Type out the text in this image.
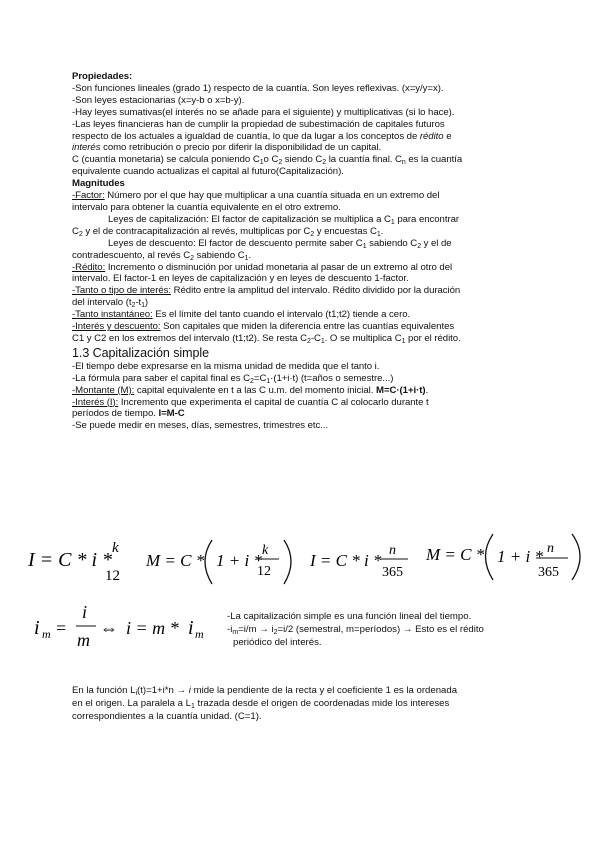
Propiedades:
-Son funciones lineales (grado 1) respecto de la cuantía. Son leyes reflexivas. (x=y/y=x).
-Son leyes estacionarias (x=y-b o x=b-y).
-Hay leyes sumativas(el interés no se añade para el siguiente) y multiplicativas (si lo hace).
-Las leyes financieras han de cumplir la propiedad de subestimación de capitales futuros
respecto de los actuales a igualdad de cuantía, lo que da lugar a los conceptos de rédito e
interés como retribución o precio por diferir la disponibilidad de un capital.
C (cuantía monetaria) se calcula poniendo $C_1o$ $C_2$ siendo $C_2$ la cuantía final. $C_n$ es la cuantía
equivalente cuando actualizas el capital al futuro(Capitalización).
Magnitudes
-Factor: Número por el que hay que multiplicar a una cuantía situada en un extremo del
intervalo para obtener la cuantía equivalente en el otro extremo.
Leyes de capitalización: El factor de capitalización se multiplica a $C_1$ para encontrar
$C_2$ y el de contracapitalización al revés, multiplicas por $C_2$ y encuestas $C_1$.
Leyes de descuento: El factor de descuento permite saber $C_1$ sabiendo $C_2$ y el de
contradescuento, al revés $C_2$ sabiendo $C_1$.
-Rédito: Incremento o disminución por unidad monetaria al pasar de un extremo al otro del
intervalo. El factor-1 en leyes de capitalización y en leyes de descuento 1-factor.
-Tanto o tipo de interés: Rédito entre la amplitud del intervalo. Rédito dividido por la duración
del intervalo $(t_2-t_1)$
-Tanto instantáneo: Es el límite del tanto cuando el intervalo (t1;t2) tiende a cero.
-Interés y descuento: Son capitales que miden la diferencia entre las cuantías equivalentes
C1 y C2 en los extremos del intervalo (t1;t2). Se resta $C_2-C_1$. O se multiplica $C_1$ por el rédito.
1.3 Capitalización simple
-El tiempo debe expresarse en la misma unidad de medida que el tanto i.
-La fórmula para saber el capital final es $C_2=C_1\cdot(1+i\cdot t)$ (t=años o semestre...)
-Montante (M): capital equivalente en t a las C u.m. del momento inicial. M=C·(1+i·t).
-Interés (I): Incremento que experimenta el capital de cuantía C al colocarlo durante t
períodos de tiempo. I=M-C
-Se puede medir en meses, días, semestres, trimestres etc...
I = C * i *
k
12
M = C * 1 + i *
k
12
I = C * i *
n
365
M = C * 1 + i * n
365
i m =
i
m
⇔ i = m * i m
-La capitalización simple es una función lineal del tiempo.
$-i_m=i/m \to i_2=i/2$ (semestral, m=períodos) → Esto es el rédito
periódico del interés.
En la función $L_i(t)=1+i*n \to i$ mide la pendiente de la recta y el coeficiente 1 es la ordenada
en el origen. La paralela a $L_1$ trazada desde el origen de coordenadas mide los intereses
correspondientes a la cuantía unidad. (C=1).
